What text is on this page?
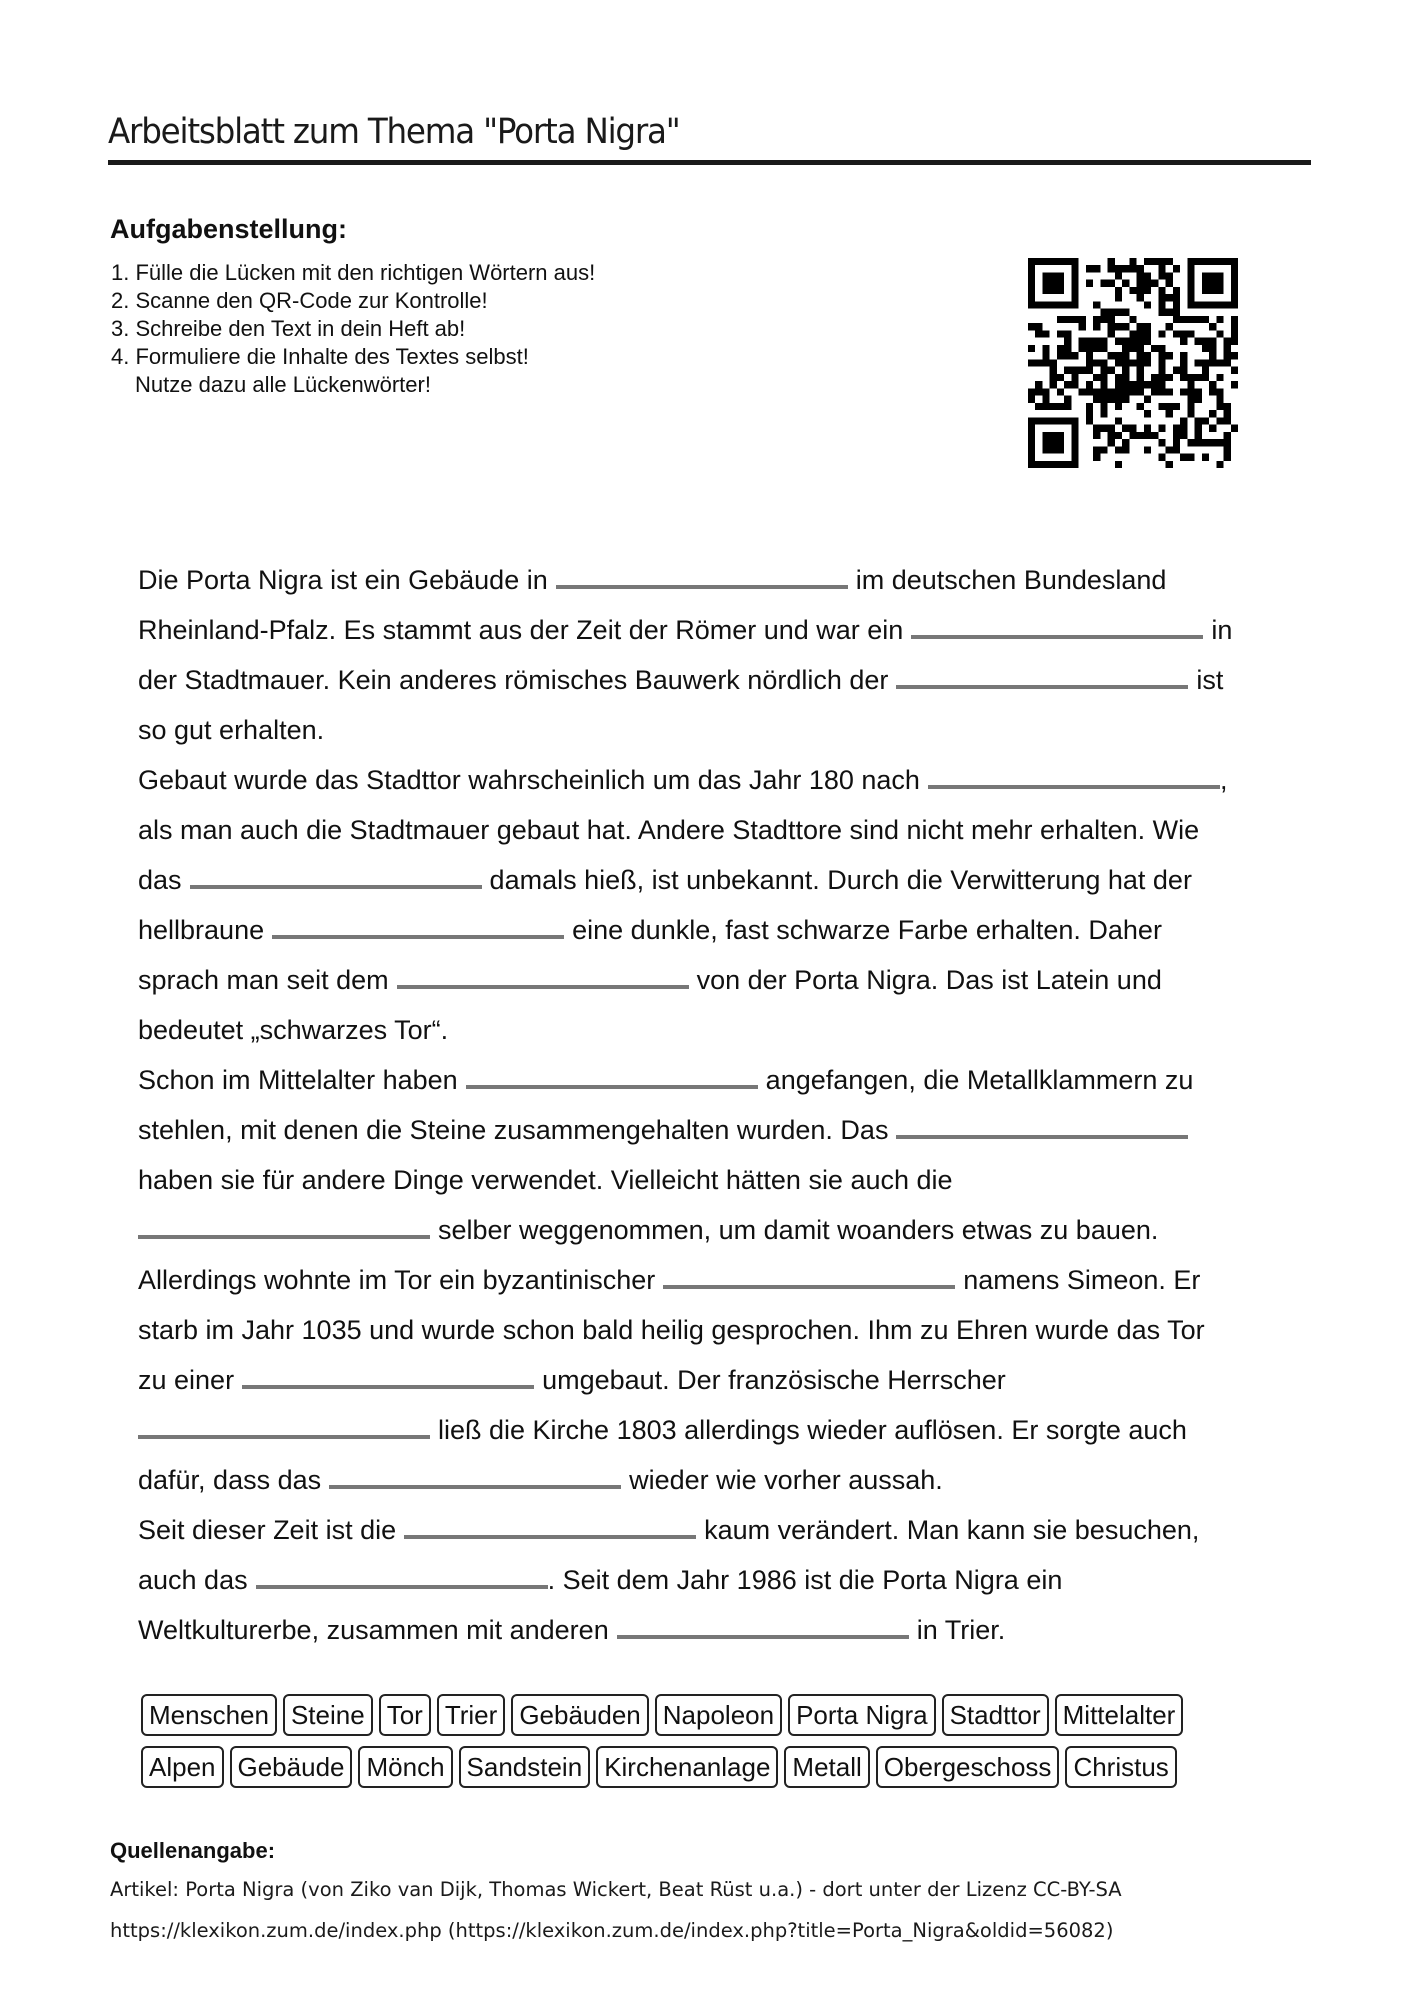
Arbeitsblatt zum Thema "Porta Nigra"
Aufgabenstellung:
1. Fülle die Lücken mit den richtigen Wörtern aus!
2. Scanne den QR-Code zur Kontrolle!
3. Schreibe den Text in dein Heft ab!
4. Formuliere die Inhalte des Textes selbst!
Nutze dazu alle Lückenwörter!
Die Porta Nigra ist ein Gebäude in	im deutschen Bundesland
Rheinland-Pfalz. Es stammt aus der Zeit der Römer und war ein	in
der Stadtmauer. Kein anderes römisches Bauwerk nördlich der	ist
so gut erhalten.
Gebaut wurde das Stadttor wahrscheinlich um das Jahr 180 nach	,
als man auch die Stadtmauer gebaut hat. Andere Stadttore sind nicht mehr erhalten. Wie
das	damals hieß, ist unbekannt. Durch die Verwitterung hat der
hellbraune	eine dunkle, fast schwarze Farbe erhalten. Daher
sprach man seit dem	von der Porta Nigra. Das ist Latein und
bedeutet „schwarzes Tor“.
Schon im Mittelalter haben	angefangen, die Metallklammern zu
stehlen, mit denen die Steine zusammengehalten wurden. Das
haben sie für andere Dinge verwendet. Vielleicht hätten sie auch die
selber weggenommen, um damit woanders etwas zu bauen.
Allerdings wohnte im Tor ein byzantinischer	namens Simeon. Er
starb im Jahr 1035 und wurde schon bald heilig gesprochen. Ihm zu Ehren wurde das Tor
zu einer	umgebaut. Der französische Herrscher
ließ die Kirche 1803 allerdings wieder auflösen. Er sorgte auch
dafür, dass das	wieder wie vorher aussah.
Seit dieser Zeit ist die	kaum verändert. Man kann sie besuchen,
auch das	. Seit dem Jahr 1986 ist die Porta Nigra ein
Weltkulturerbe, zusammen mit anderen	in Trier.
Menschen Steine Tor Trier Gebäuden Napoleon Porta Nigra Stadttor Mittelalter
Alpen Gebäude Mönch Sandstein Kirchenanlage Metall Obergeschoss Christus
Quellenangabe:
Artikel: Porta Nigra (von Ziko van Dijk, Thomas Wickert, Beat Rüst u.a.) - dort unter der Lizenz CC-BY-SA
https://klexikon.zum.de/index.php (https://klexikon.zum.de/index.php?title=Porta_Nigra&oldid=56082)
